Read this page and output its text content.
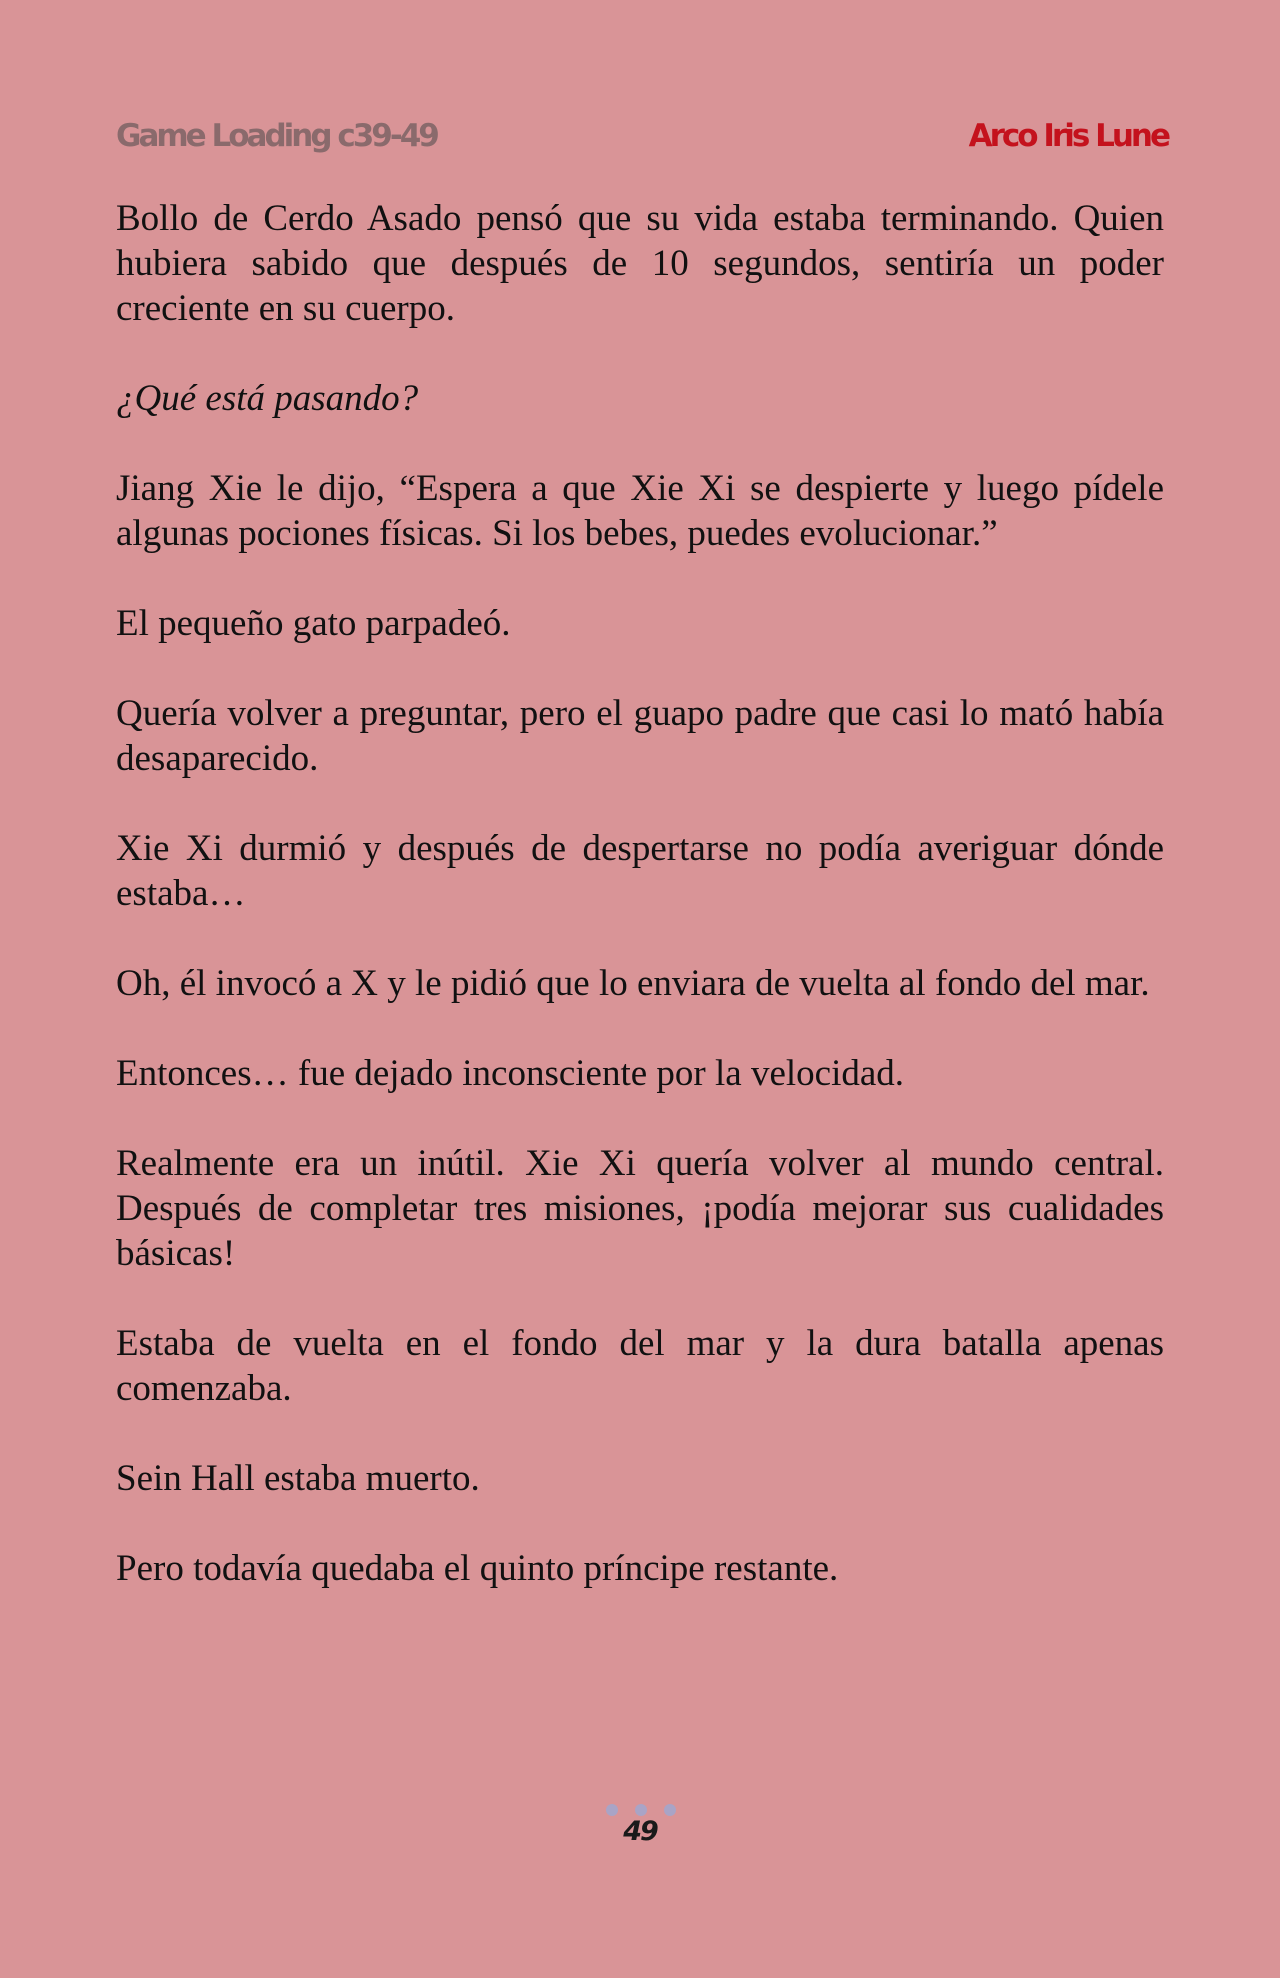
Game Loading c39-49	Arco Iris Lune

Bollo de Cerdo Asado pensó que su vida estaba terminando. Quien hubiera sabido que después de 10 segundos, sentiría un poder creciente en su cuerpo.

¿Qué está pasando?

Jiang Xie le dijo, “Espera a que Xie Xi se despierte y luego pídele algunas pociones físicas. Si los bebes, puedes evolucionar.”

El pequeño gato parpadeó.

Quería volver a preguntar, pero el guapo padre que casi lo mató había desaparecido.

Xie Xi durmió y después de despertarse no podía averiguar dónde estaba…

Oh, él invocó a X y le pidió que lo enviara de vuelta al fondo del mar.

Entonces… fue dejado inconsciente por la velocidad.

Realmente era un inútil. Xie Xi quería volver al mundo central. Después de completar tres misiones, ¡podía mejorar sus cualidades básicas!

Estaba de vuelta en el fondo del mar y la dura batalla apenas comenzaba.

Sein Hall estaba muerto.

Pero todavía quedaba el quinto príncipe restante.

49
